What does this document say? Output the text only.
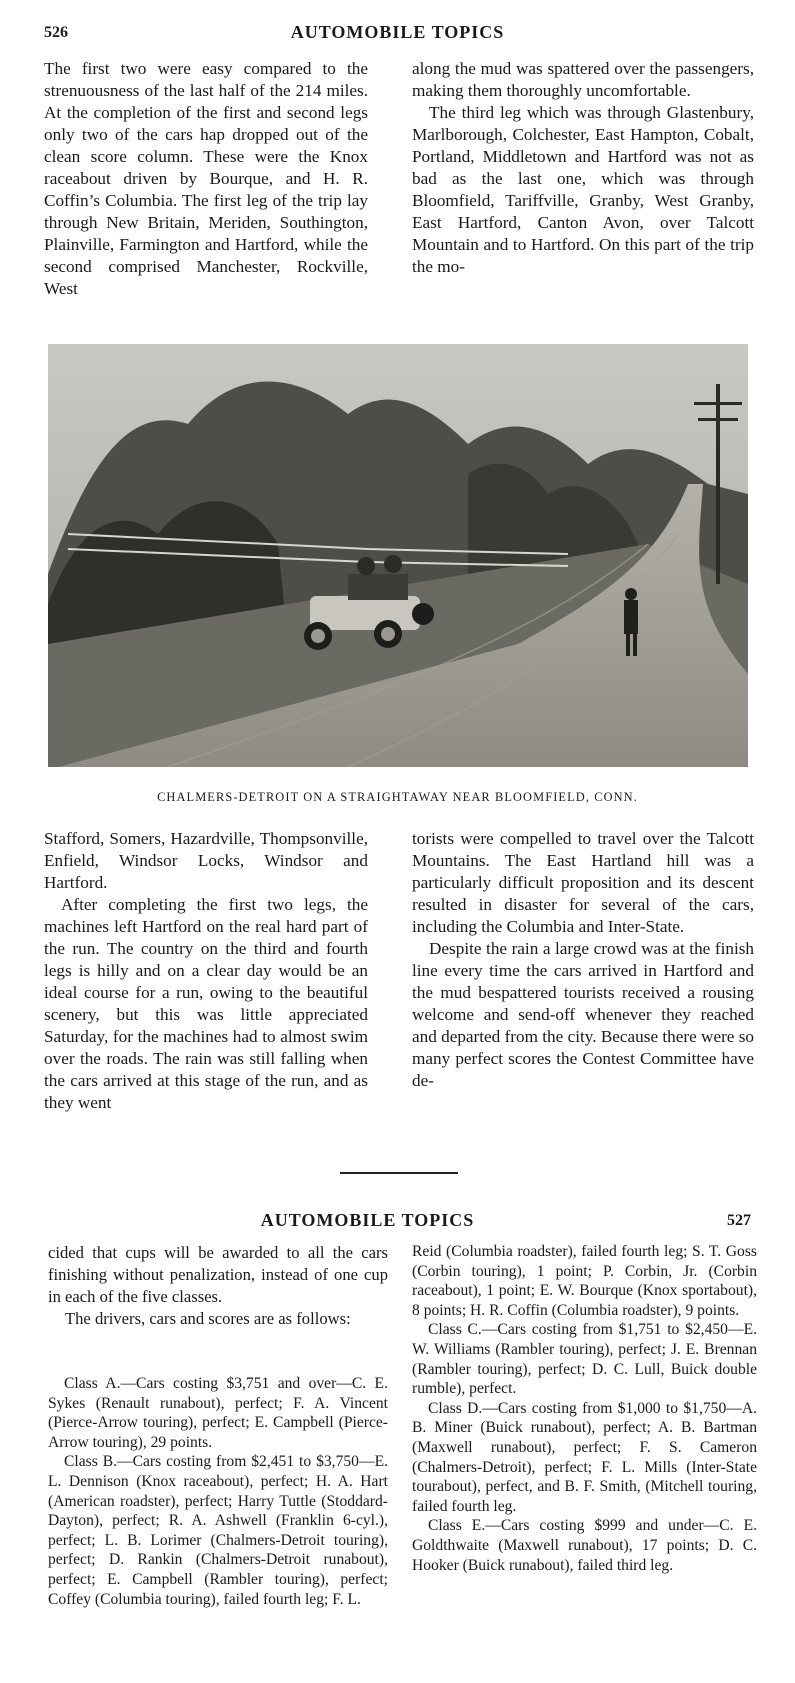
526	AUTOMOBILE TOPICS

The first two were easy compared to the strenuousness of the last half of the 214 miles. At the completion of the first and second legs only two of the cars hap dropped out of the clean score column. These were the Knox raceabout driven by Bourque, and H. R. Coffin’s Columbia. The first leg of the trip lay through New Britain, Meriden, Southington, Plainville, Farmington and Hartford, while the second comprised Manchester, Rockville, West

along the mud was spattered over the passengers, making them thoroughly uncomfortable.

The third leg which was through Glastenbury, Marlborough, Colchester, East Hampton, Cobalt, Portland, Middletown and Hartford was not as bad as the last one, which was through Bloomfield, Tariffville, Granby, West Granby, East Hartford, Canton Avon, over Talcott Mountain and to Hartford. On this part of the trip the mo-

CHALMERS-DETROIT ON A STRAIGHTAWAY NEAR BLOOMFIELD, CONN.

Stafford, Somers, Hazardville, Thompsonville, Enfield, Windsor Locks, Windsor and Hartford.

After completing the first two legs, the machines left Hartford on the real hard part of the run. The country on the third and fourth legs is hilly and on a clear day would be an ideal course for a run, owing to the beautiful scenery, but this was little appreciated Saturday, for the machines had to almost swim over the roads. The rain was still falling when the cars arrived at this stage of the run, and as they went

torists were compelled to travel over the Talcott Mountains. The East Hartland hill was a particularly difficult proposition and its descent resulted in disaster for several of the cars, including the Columbia and Inter-State.

Despite the rain a large crowd was at the finish line every time the cars arrived in Hartford and the mud bespattered tourists received a rousing welcome and send-off whenever they reached and departed from the city. Because there were so many perfect scores the Contest Committee have de-

AUTOMOBILE TOPICS	527

cided that cups will be awarded to all the cars finishing without penalization, instead of one cup in each of the five classes.

The drivers, cars and scores are as follows:

Class A.—Cars costing $3,751 and over—C. E. Sykes (Renault runabout), perfect; F. A. Vincent (Pierce-Arrow touring), perfect; E. Campbell (Pierce-Arrow touring), 29 points.

Class B.—Cars costing from $2,451 to $3,750—E. L. Dennison (Knox raceabout), perfect; H. A. Hart (American roadster), perfect; Harry Tuttle (Stoddard-Dayton), perfect; R. A. Ashwell (Franklin 6-cyl.), perfect; L. B. Lorimer (Chalmers-Detroit touring), perfect; D. Rankin (Chalmers-Detroit runabout), perfect; E. Campbell (Rambler touring), perfect; Coffey (Columbia touring), failed fourth leg; F. L.

Reid (Columbia roadster), failed fourth leg; S. T. Goss (Corbin touring), 1 point; P. Corbin, Jr. (Corbin raceabout), 1 point; E. W. Bourque (Knox sportabout), 8 points; H. R. Coffin (Columbia roadster), 9 points.

Class C.—Cars costing from $1,751 to $2,450—E. W. Williams (Rambler touring), perfect; J. E. Brennan (Rambler touring), perfect; D. C. Lull, Buick double rumble), perfect.

Class D.—Cars costing from $1,000 to $1,750—A. B. Miner (Buick runabout), perfect; A. B. Bartman (Maxwell runabout), perfect; F. S. Cameron (Chalmers-Detroit), perfect; F. L. Mills (Inter-State tourabout), perfect, and B. F. Smith, (Mitchell touring, failed fourth leg.

Class E.—Cars costing $999 and under—C. E. Goldthwaite (Maxwell runabout), 17 points; D. C. Hooker (Buick runabout), failed third leg.
